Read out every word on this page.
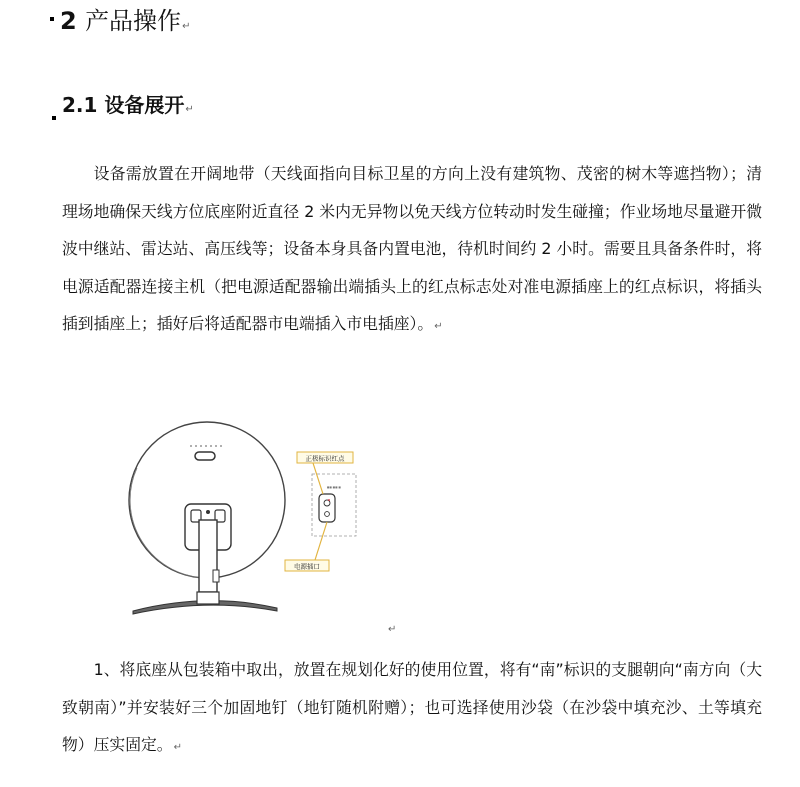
2 产品操作↵
2.1 设备展开↵

设备需放置在开阔地带（天线面指向目标卫星的方向上没有建筑物、茂密的树木等遮挡物）；清理场地确保天线方位底座附近直径 2 米内无异物以免天线方位转动时发生碰撞；作业场地尽量避开微波中继站、雷达站、高压线等；设备本身具备内置电池，待机时间约 2 小时。需要且具备条件时，将电源适配器连接主机（把电源适配器输出端插头上的红点标志处对准电源插座上的红点标识，将插头插到插座上；插好后将适配器市电端插入市电插座）。↵

■■ ■■ ■
正极标识红点
电源插口
↵

1、将底座从包装箱中取出，放置在规划化好的使用位置，将有“南”标识的支腿朝向“南方向（大致朝南）”并安装好三个加固地钉（地钉随机附赠）；也可选择使用沙袋（在沙袋中填充沙、土等填充物）压实固定。↵
